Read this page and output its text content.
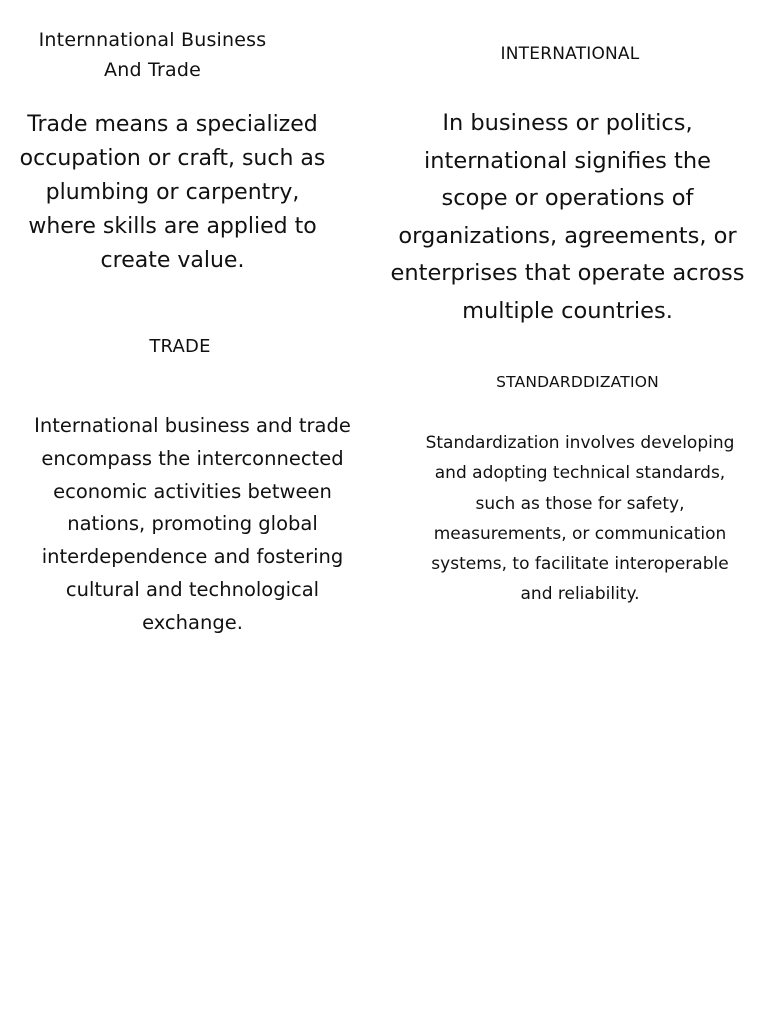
Internnational Business
And Trade
INTERNATIONAL
Trade means a specialized
occupation or craft, such as
plumbing or carpentry,
where skills are applied to
create value.
In business or politics,
international signifies the
scope or operations of
organizations, agreements, or
enterprises that operate across
multiple countries.
TRADE
STANDARDDIZATION
International business and trade
encompass the interconnected
economic activities between
nations, promoting global
interdependence and fostering
cultural and technological
exchange.
Standardization involves developing
and adopting technical standards,
such as those for safety,
measurements, or communication
systems, to facilitate interoperable
and reliability.
